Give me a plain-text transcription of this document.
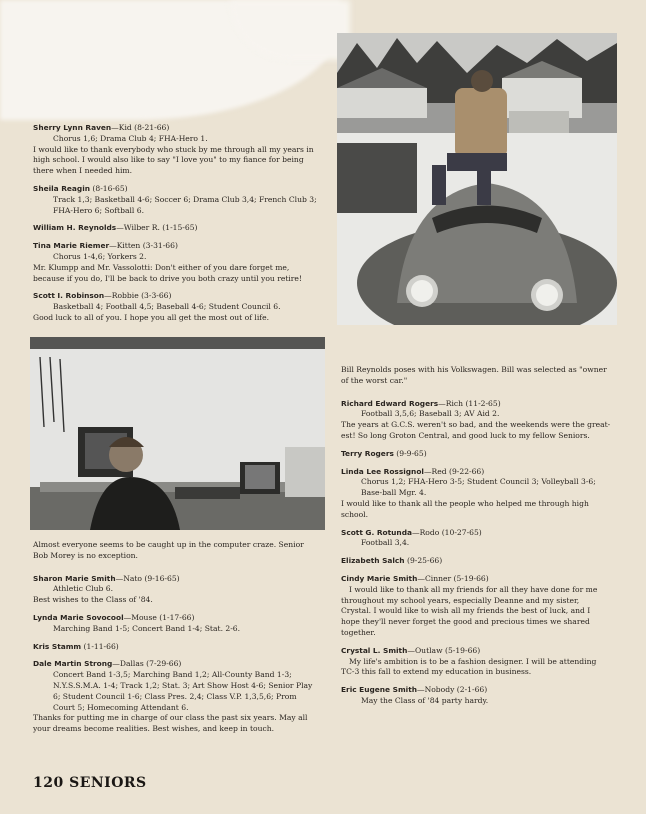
Sherry Lynn Raven—Kid (8-21-66)
Chorus 1,6; Drama Club 4; FHA-Hero 1.
I would like to thank everybody who stuck by me through all my years in high school. I would also like to say "I love you" to my fiance for being there when I needed him.
Sheila Reagin (8-16-65)
Track 1,3; Basketball 4-6; Soccer 6; Drama Club 3,4; French Club 3; FHA-Hero 6; Softball 6.
William H. Reynolds—Wilber R. (1-15-65)
Tina Marie Riemer—Kitten (3-31-66)
Chorus 1-4,6; Yorkers 2.
Mr. Klumpp and Mr. Vassolotti: Don't either of you dare forget me, because if you do, I'll be back to drive you both crazy until you retire!
Scott I. Robinson—Robbie (3-3-66)
Basketball 4; Football 4,5; Baseball 4-6; Student Council 6.
Good luck to all of you. I hope you all get the most out of life.
Almost everyone seems to be caught up in the computer craze. Senior Bob Morey is no exception.
Sharon Marie Smith—Nato (9-16-65)
Athletic Club 6.
Best wishes to the Class of '84.
Lynda Marie Sovocool—Mouse (1-17-66)
Marching Band 1-5; Concert Band 1-4; Stat. 2-6.
Kris Stamm (1-11-66)
Dale Martin Strong—Dallas (7-29-66)
Concert Band 1-3,5; Marching Band 1,2; All-County Band 1-3; N.Y.S.S.M.A. 1-4; Track 1,2; Stat. 3; Art Show Host 4-6; Senior Play 6; Student Council 1-6; Class Pres. 2,4; Class V.P. 1,3,5,6; Prom Court 5; Homecoming Attendant 6.
Thanks for putting me in charge of our class the past six years. May all your dreams become realities. Best wishes, and keep in touch.
Bill Reynolds poses with his Volkswagen. Bill was selected as "owner of the worst car."
Richard Edward Rogers—Rich (11-2-65)
Football 3,5,6; Baseball 3; AV Aid 2.
The years at G.C.S. weren't so bad, and the weekends were the great-est! So long Groton Central, and good luck to my fellow Seniors.
Terry Rogers (9-9-65)
Linda Lee Rossignol—Red (9-22-66)
Chorus 1,2; FHA-Hero 3-5; Student Council 3; Volleyball 3-6; Base-ball Mgr. 4.
I would like to thank all the people who helped me through high school.
Scott G. Rotunda—Rodo (10-27-65)
Football 3,4.
Elizabeth Salch (9-25-66)
Cindy Marie Smith—Cinner (5-19-66)
I would like to thank all my friends for all they have done for me throughout my school years, especially Deanne and my sister, Crystal. I would like to wish all my friends the best of luck, and I hope they'll never forget the good and precious times we shared together.
Crystal L. Smith—Outlaw (5-19-66)
My life's ambition is to be a fashion designer. I will be attending TC-3 this fall to extend my education in business.
Eric Eugene Smith—Nobody (2-1-66)
May the Class of '84 party hardy.
120 SENIORS
